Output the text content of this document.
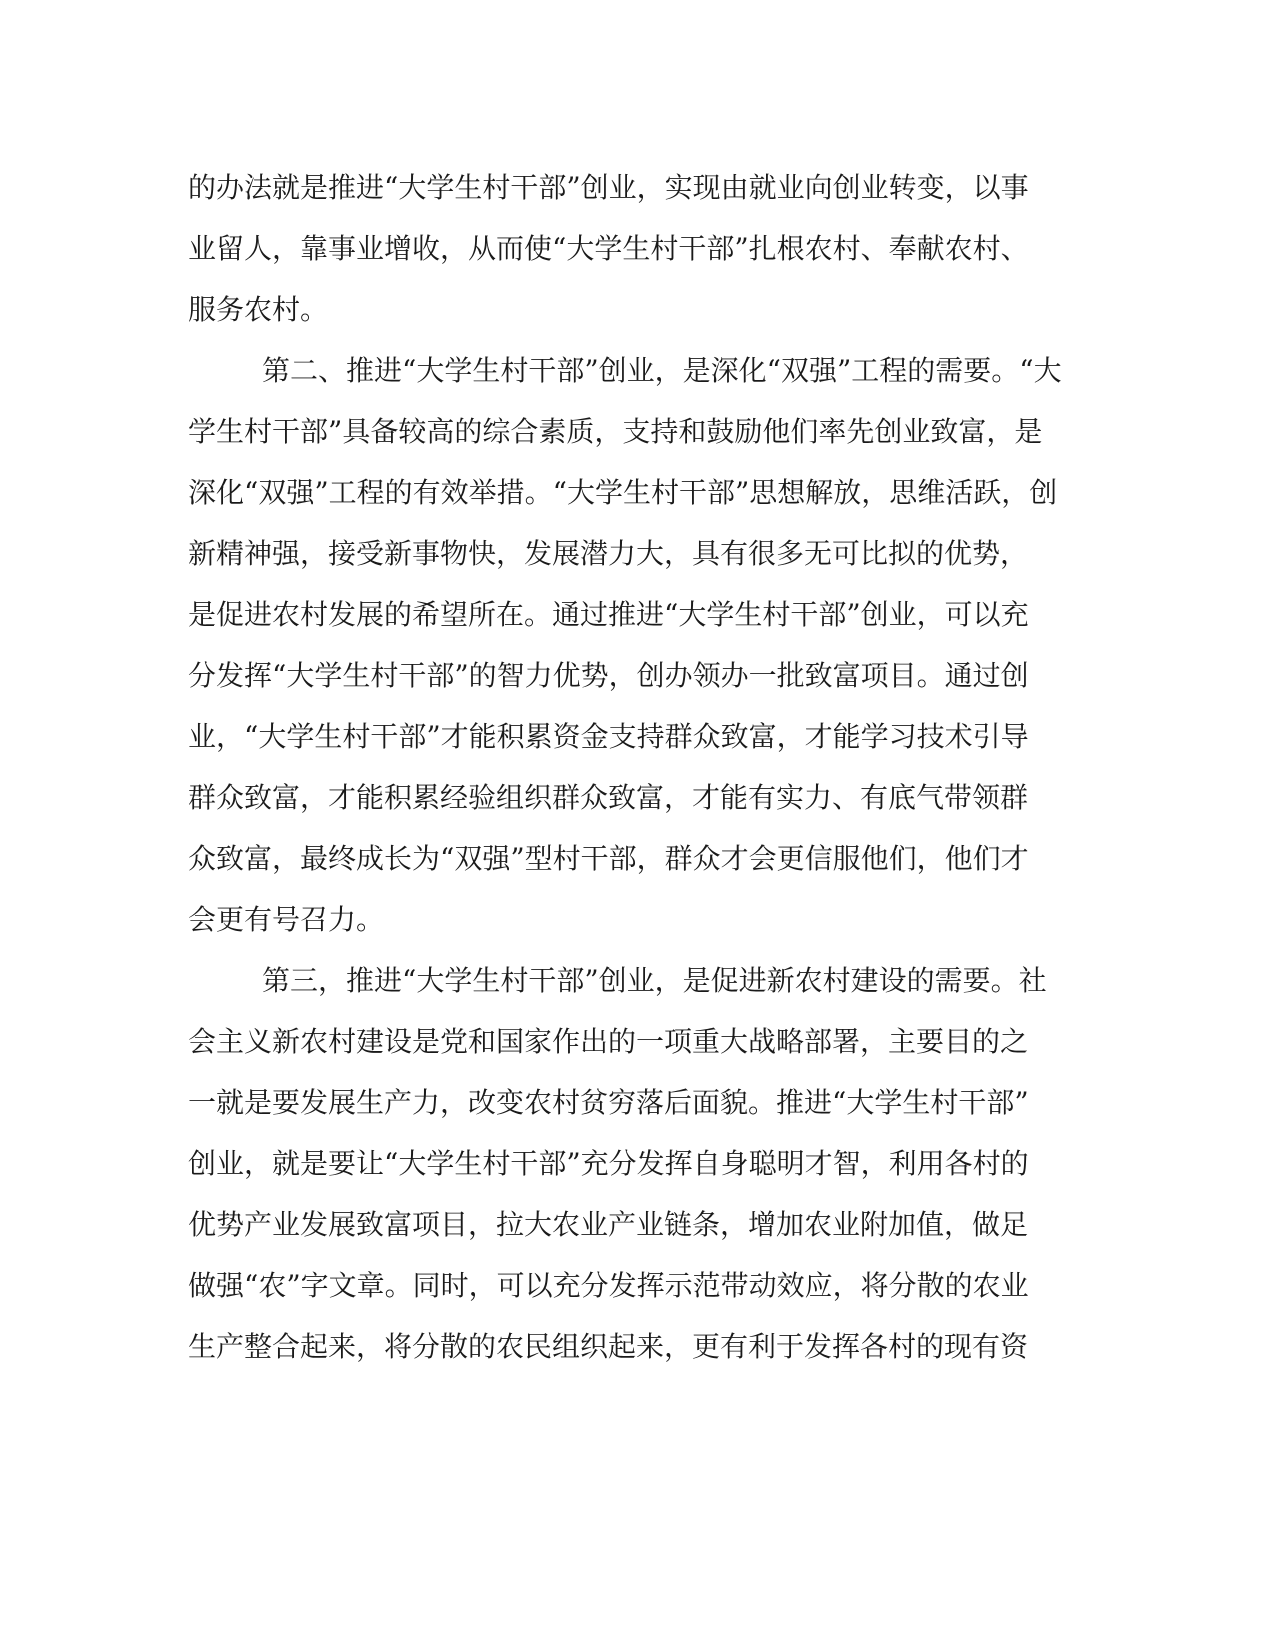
的办法就是推进“大学生村干部”创业，实现由就业向创业转变，以事
业留人，靠事业增收，从而使“大学生村干部”扎根农村、奉献农村、
服务农村。
第二、推进“大学生村干部”创业，是深化“双强”工程的需要。“大
学生村干部”具备较高的综合素质，支持和鼓励他们率先创业致富，是
深化“双强”工程的有效举措。“大学生村干部”思想解放，思维活跃，创
新精神强，接受新事物快，发展潜力大，具有很多无可比拟的优势，
是促进农村发展的希望所在。通过推进“大学生村干部”创业，可以充
分发挥“大学生村干部”的智力优势，创办领办一批致富项目。通过创
业，“大学生村干部”才能积累资金支持群众致富，才能学习技术引导
群众致富，才能积累经验组织群众致富，才能有实力、有底气带领群
众致富，最终成长为“双强”型村干部，群众才会更信服他们，他们才
会更有号召力。
第三，推进“大学生村干部”创业，是促进新农村建设的需要。社
会主义新农村建设是党和国家作出的一项重大战略部署，主要目的之
一就是要发展生产力，改变农村贫穷落后面貌。推进“大学生村干部”
创业，就是要让“大学生村干部”充分发挥自身聪明才智，利用各村的
优势产业发展致富项目，拉大农业产业链条，增加农业附加值，做足
做强“农”字文章。同时，可以充分发挥示范带动效应，将分散的农业
生产整合起来，将分散的农民组织起来，更有利于发挥各村的现有资
